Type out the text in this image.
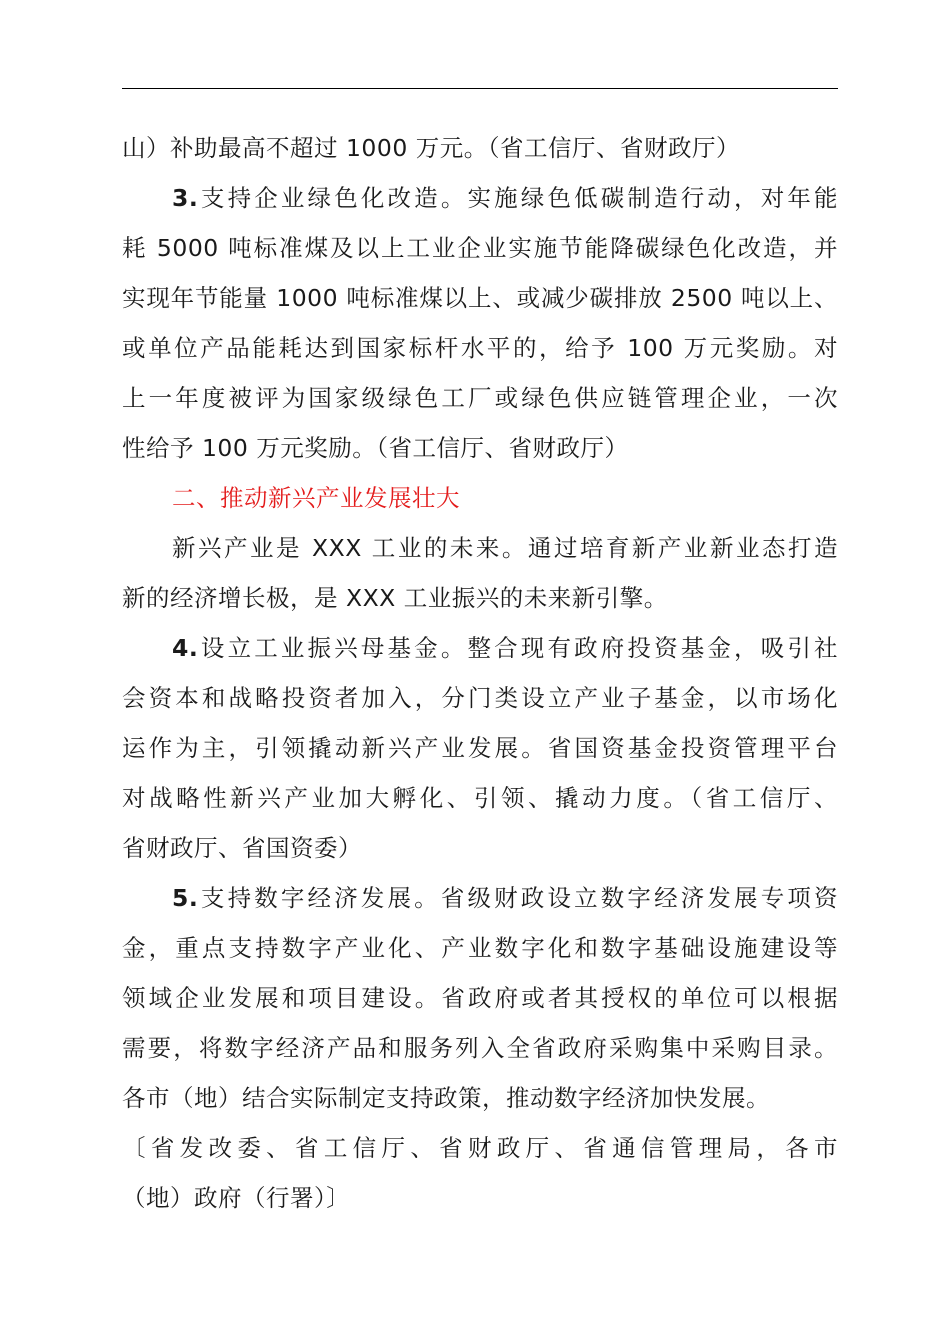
山）补助最高不超过 1000 万元。（省工信厅、省财政厅）
3.支持企业绿色化改造。实施绿色低碳制造行动，对年能
耗 5000 吨标准煤及以上工业企业实施节能降碳绿色化改造，并
实现年节能量 1000 吨标准煤以上、或减少碳排放 2500 吨以上、
或单位产品能耗达到国家标杆水平的，给予 100 万元奖励。对
上一年度被评为国家级绿色工厂或绿色供应链管理企业，一次
性给予 100 万元奖励。（省工信厅、省财政厅）
二、推动新兴产业发展壮大
新兴产业是 XXX 工业的未来。通过培育新产业新业态打造
新的经济增长极，是 XXX 工业振兴的未来新引擎。
4.设立工业振兴母基金。整合现有政府投资基金，吸引社
会资本和战略投资者加入，分门类设立产业子基金，以市场化
运作为主，引领撬动新兴产业发展。省国资基金投资管理平台
对战略性新兴产业加大孵化、引领、撬动力度。（省工信厅、
省财政厅、省国资委）
5.支持数字经济发展。省级财政设立数字经济发展专项资
金，重点支持数字产业化、产业数字化和数字基础设施建设等
领域企业发展和项目建设。省政府或者其授权的单位可以根据
需要，将数字经济产品和服务列入全省政府采购集中采购目录。
各市（地）结合实际制定支持政策，推动数字经济加快发展。
〔省发改委、省工信厅、省财政厅、省通信管理局，各市
（地）政府（行署）〕
